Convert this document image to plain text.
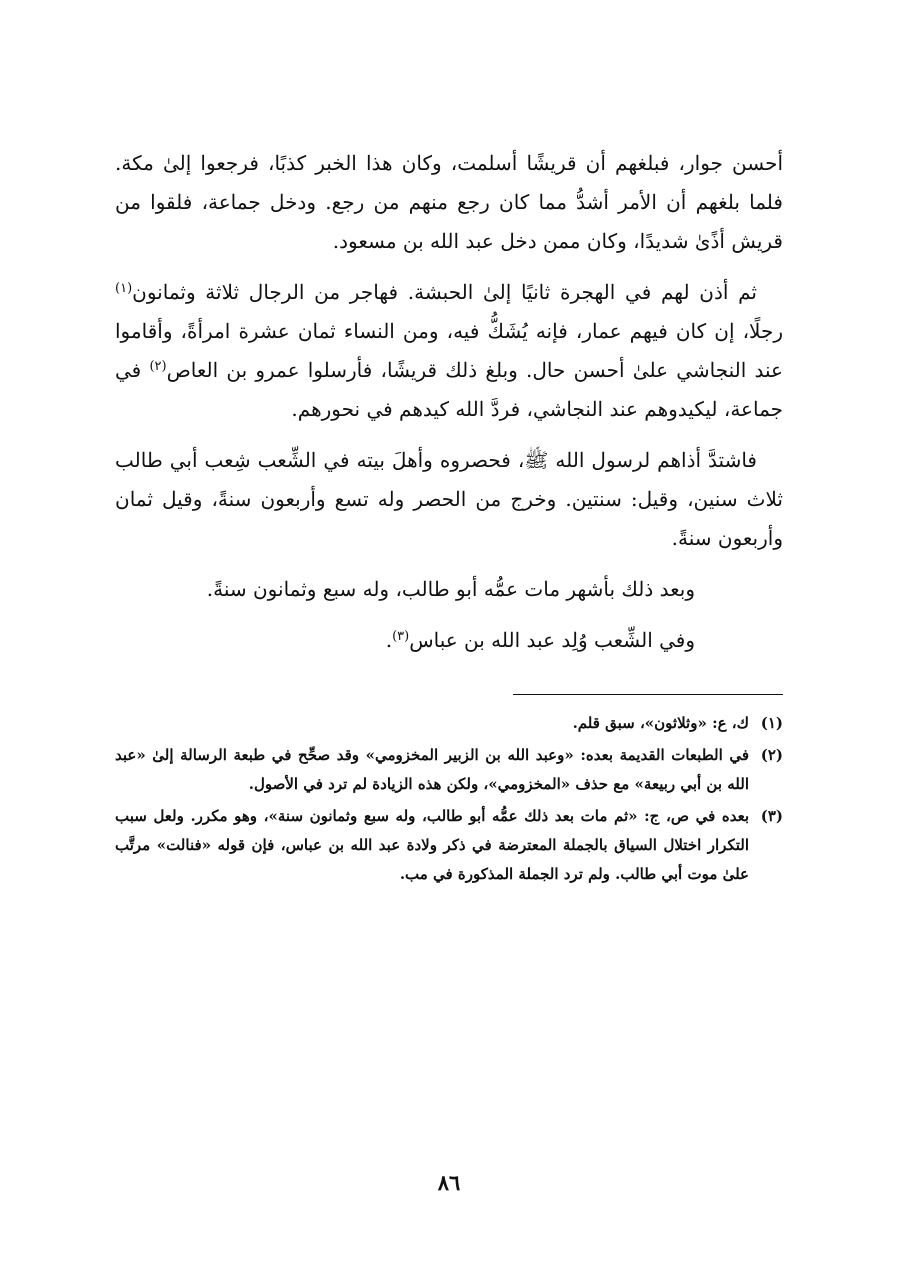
أحسن جوار، فبلغهم أن قريشًا أسلمت، وكان هذا الخبر كذبًا، فرجعوا إلىٰ مكة. فلما بلغهم أن الأمر أشدُّ مما كان رجع منهم من رجع. ودخل جماعة، فلقوا من قريش أذًىٰ شديدًا، وكان ممن دخل عبد الله بن مسعود.

ثم أذن لهم في الهجرة ثانيًا إلىٰ الحبشة. فهاجر من الرجال ثلاثة وثمانون$^{(١)}$ رجلًا، إن كان فيهم عمار، فإنه يُشَكُّ فيه، ومن النساء ثمان عشرة امرأةً، وأقاموا عند النجاشي علىٰ أحسن حال. وبلغ ذلك قريشًا، فأرسلوا عمرو بن العاص$^{(٢)}$ في جماعة، ليكيدوهم عند النجاشي، فردَّ الله كيدهم في نحورهم.

فاشتدَّ أذاهم لرسول الله ﷺ، فحصروه وأهلَ بيته في الشِّعب شِعب أبي طالب ثلاث سنين، وقيل: سنتين. وخرج من الحصر وله تسع وأربعون سنةً، وقيل ثمان وأربعون سنةً.

وبعد ذلك بأشهر مات عمُّه أبو طالب، وله سبع وثمانون سنةً.

وفي الشِّعب وُلِد عبد الله بن عباس$^{(٣)}$.

(١)
ك، ع: «وثلاثون»، سبق قلم.
(٢)
في الطبعات القديمة بعده: «وعبد الله بن الزبير المخزومي» وقد صحِّح في طبعة الرسالة إلىٰ «عبد الله بن أبي ربيعة» مع حذف «المخزومي»، ولكن هذه الزيادة لم ترد في الأصول.
(٣)
بعده في ص، ج: «ثم مات بعد ذلك عمُّه أبو طالب، وله سبع وثمانون سنة»، وهو مكرر. ولعل سبب التكرار اختلال السياق بالجملة المعترضة في ذكر ولادة عبد الله بن عباس، فإن قوله «فنالت» مرتَّب علىٰ موت أبي طالب. ولم ترد الجملة المذكورة في مب.
٨٦
